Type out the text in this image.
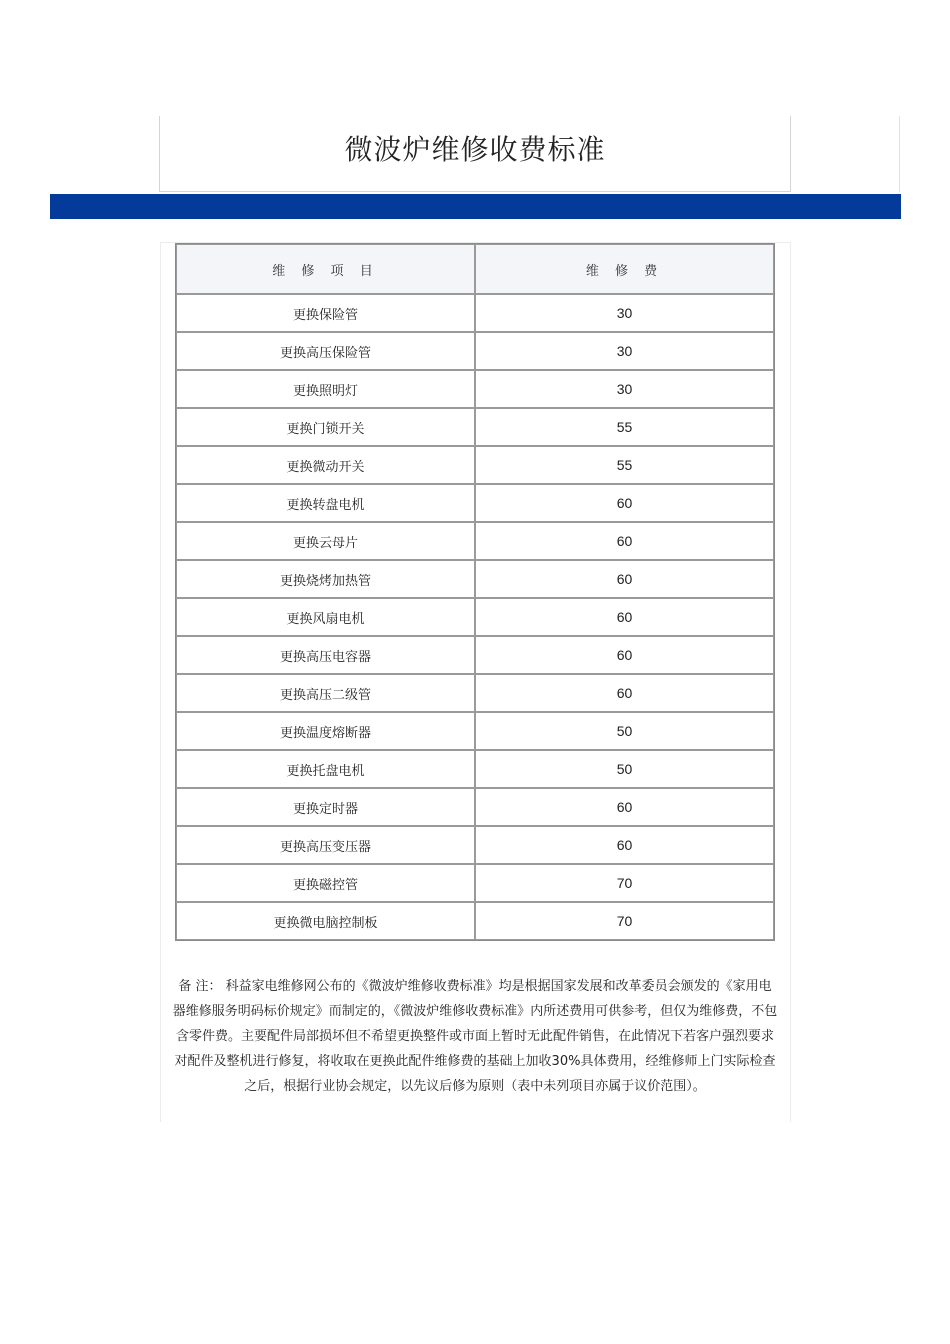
微波炉维修收费标准
维 修 项 目	维 修 费
更换保险管	30
更换高压保险管	30
更换照明灯	30
更换门锁开关	55
更换微动开关	55
更换转盘电机	60
更换云母片	60
更换烧烤加热管	60
更换风扇电机	60
更换高压电容器	60
更换高压二级管	60
更换温度熔断器	50
更换托盘电机	50
更换定时器	60
更换高压变压器	60
更换磁控管	70
更换微电脑控制板	70

备 注： 科益家电维修网公布的《微波炉维修收费标准》均是根据国家发展和改革委员会颁发的《家用电器维修服务明码标价规定》而制定的，《微波炉维修收费标准》内所述费用可供参考，但仅为维修费，不包含零件费。主要配件局部损坏但不希望更换整件或市面上暂时无此配件销售，在此情况下若客户强烈要求对配件及整机进行修复，将收取在更换此配件维修费的基础上加收30%具体费用，经维修师上门实际检查之后，根据行业协会规定，以先议后修为原则（表中未列项目亦属于议价范围）。
